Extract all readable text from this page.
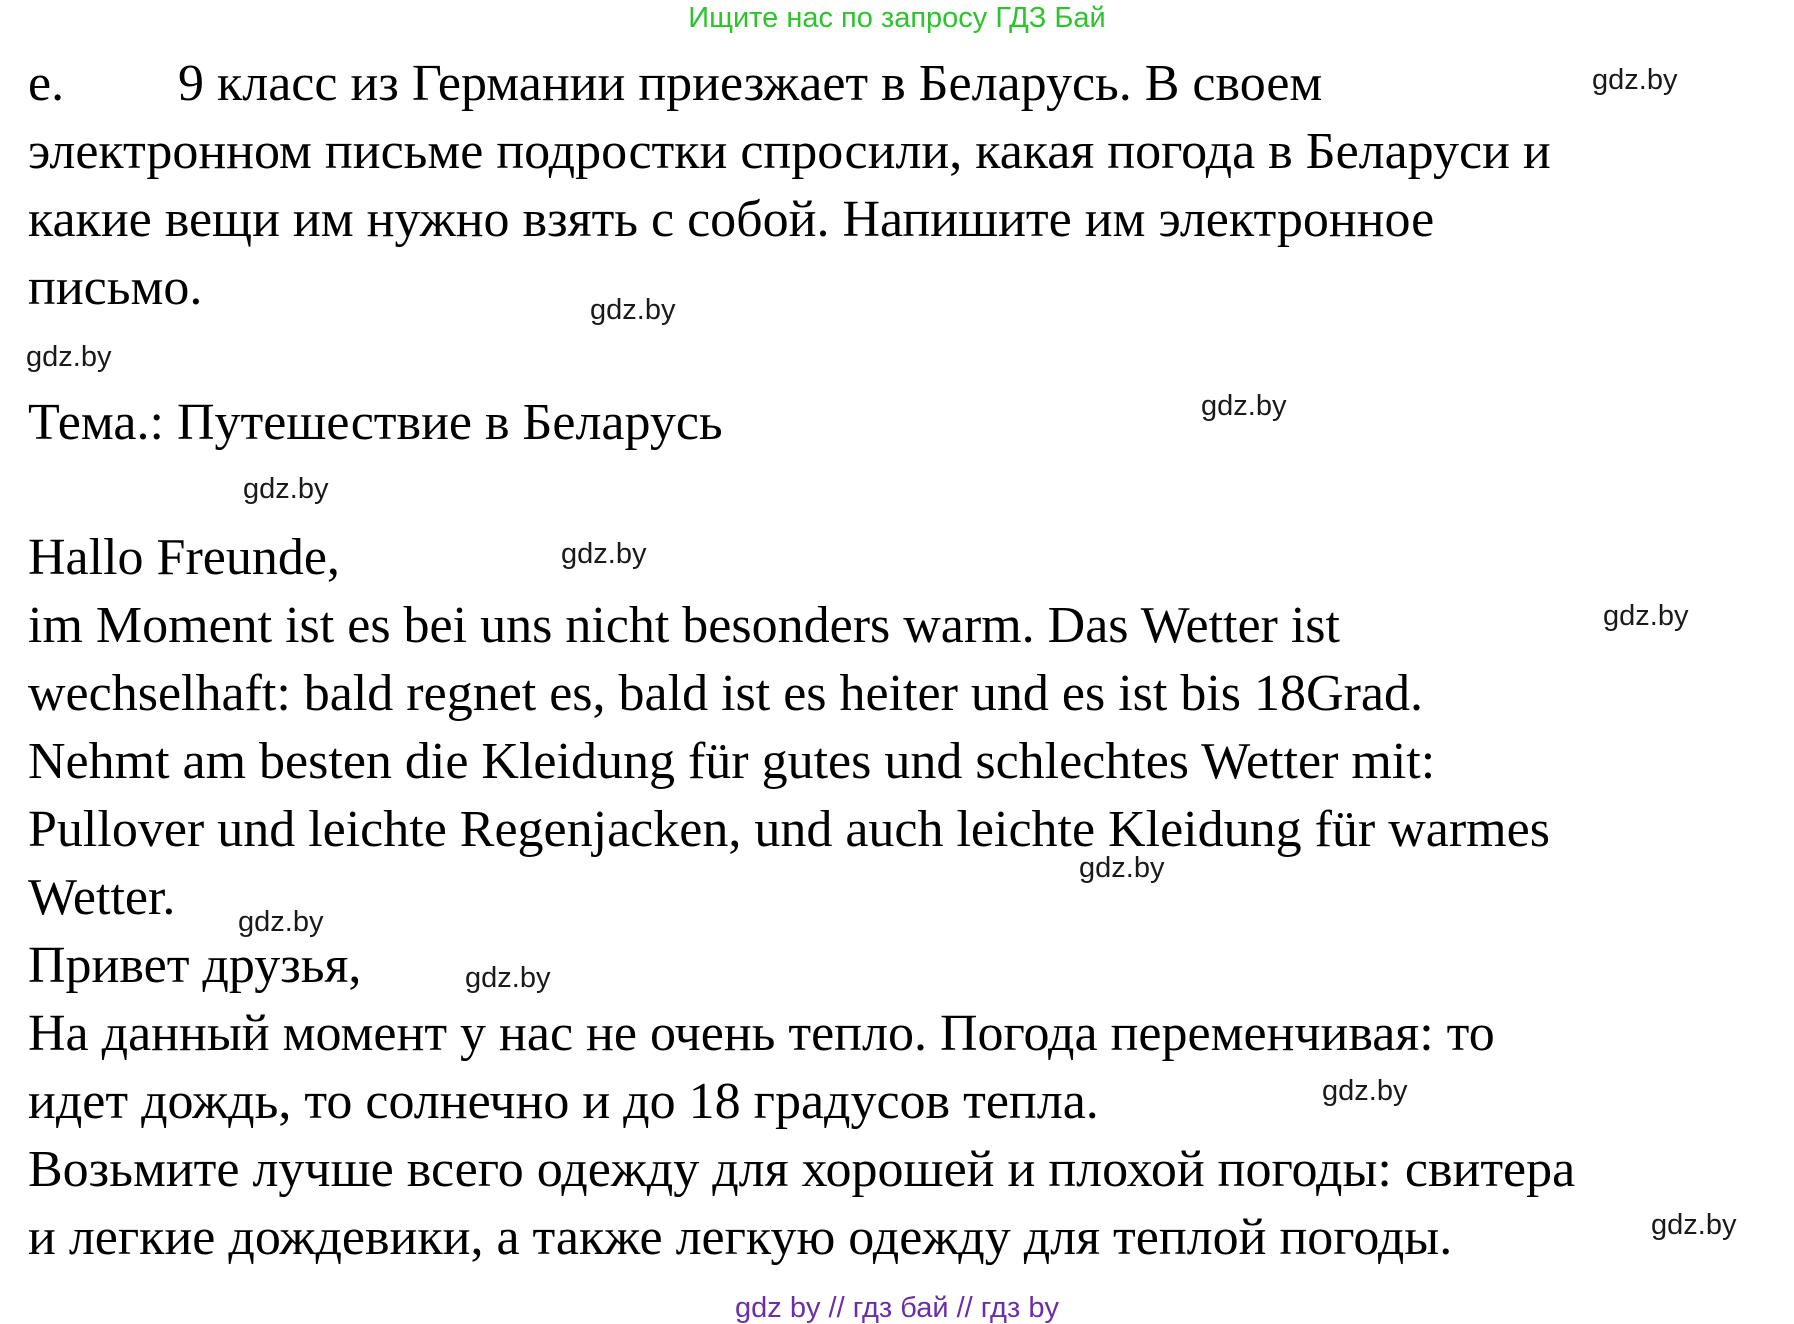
Ищите нас по запросу ГДЗ Бай
е. 9 класс из Германии приезжает в Беларусь. В своем
электронном письме подростки спросили, какая погода в Беларуси и
какие вещи им нужно взять с собой. Напишите им электронное
письмо.
Тема.: Путешествие в Беларусь
Hallo Freunde,
im Moment ist es bei uns nicht besonders warm. Das Wetter ist
wechselhaft: bald regnet es, bald ist es heiter und es ist bis 18Grad.
Nehmt am besten die Kleidung für gutes und schlechtes Wetter mit:
Pullover und leichte Regenjacken, und auch leichte Kleidung für warmes
Wetter.
Привет друзья,
На данный момент у нас не очень тепло. Погода переменчивая: то
идет дождь, то солнечно и до 18 градусов тепла.
Возьмите лучше всего одежду для хорошей и плохой погоды: свитера
и легкие дождевики, а также легкую одежду для теплой погоды.
gdz.by
gdz.by
gdz.by
gdz.by
gdz.by
gdz.by
gdz.by
gdz.by
gdz.by
gdz.by
gdz.by
gdz.by
gdz by // гдз бай // гдз by
